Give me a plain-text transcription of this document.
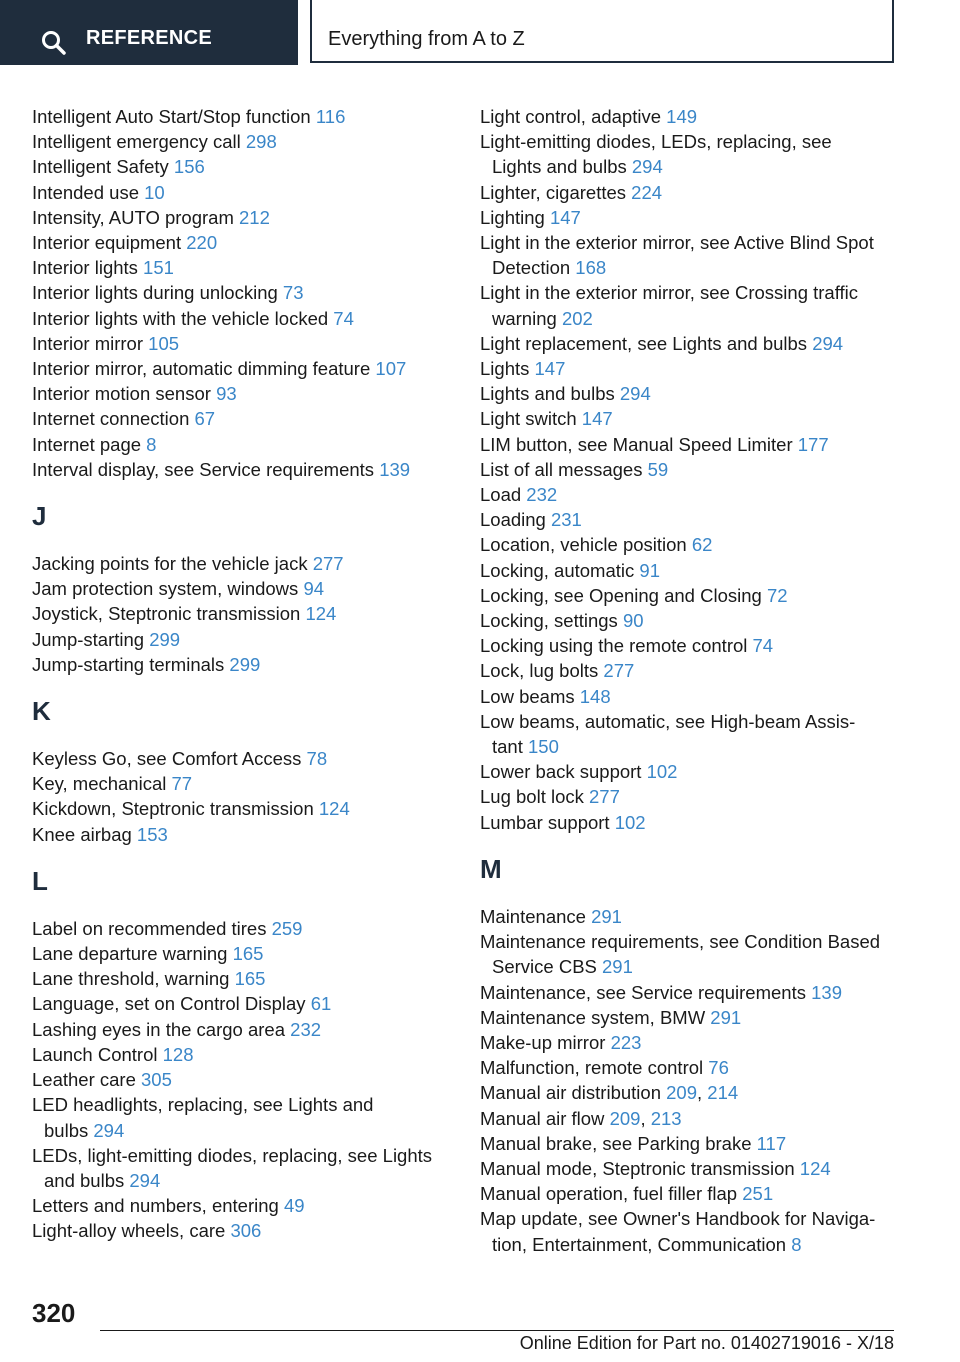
REFERENCE	Everything from A to Z
Intelligent Auto Start/Stop function 116
Intelligent emergency call 298
Intelligent Safety 156
Intended use 10
Intensity, AUTO program 212
Interior equipment 220
Interior lights 151
Interior lights during unlocking 73
Interior lights with the vehicle locked 74
Interior mirror 105
Interior mirror, automatic dimming feature 107
Interior motion sensor 93
Internet connection 67
Internet page 8
Interval display, see Service requirements 139
J
Jacking points for the vehicle jack 277
Jam protection system, windows 94
Joystick, Steptronic transmission 124
Jump-starting 299
Jump-starting terminals 299
K
Keyless Go, see Comfort Access 78
Key, mechanical 77
Kickdown, Steptronic transmission 124
Knee airbag 153
L
Label on recommended tires 259
Lane departure warning 165
Lane threshold, warning 165
Language, set on Control Display 61
Lashing eyes in the cargo area 232
Launch Control 128
Leather care 305
LED headlights, replacing, see Lights and
bulbs 294
LEDs, light-emitting diodes, replacing, see Lights
and bulbs 294
Letters and numbers, entering 49
Light-alloy wheels, care 306
Light control, adaptive 149
Light-emitting diodes, LEDs, replacing, see
Lights and bulbs 294
Lighter, cigarettes 224
Lighting 147
Light in the exterior mirror, see Active Blind Spot
Detection 168
Light in the exterior mirror, see Crossing traffic
warning 202
Light replacement, see Lights and bulbs 294
Lights 147
Lights and bulbs 294
Light switch 147
LIM button, see Manual Speed Limiter 177
List of all messages 59
Load 232
Loading 231
Location, vehicle position 62
Locking, automatic 91
Locking, see Opening and Closing 72
Locking, settings 90
Locking using the remote control 74
Lock, lug bolts 277
Low beams 148
Low beams, automatic, see High-beam Assis-
tant 150
Lower back support 102
Lug bolt lock 277
Lumbar support 102
M
Maintenance 291
Maintenance requirements, see Condition Based
Service CBS 291
Maintenance, see Service requirements 139
Maintenance system, BMW 291
Make-up mirror 223
Malfunction, remote control 76
Manual air distribution 209, 214
Manual air flow 209, 213
Manual brake, see Parking brake 117
Manual mode, Steptronic transmission 124
Manual operation, fuel filler flap 251
Map update, see Owner's Handbook for Naviga-
tion, Entertainment, Communication 8
320
Online Edition for Part no. 01402719016 - X/18
